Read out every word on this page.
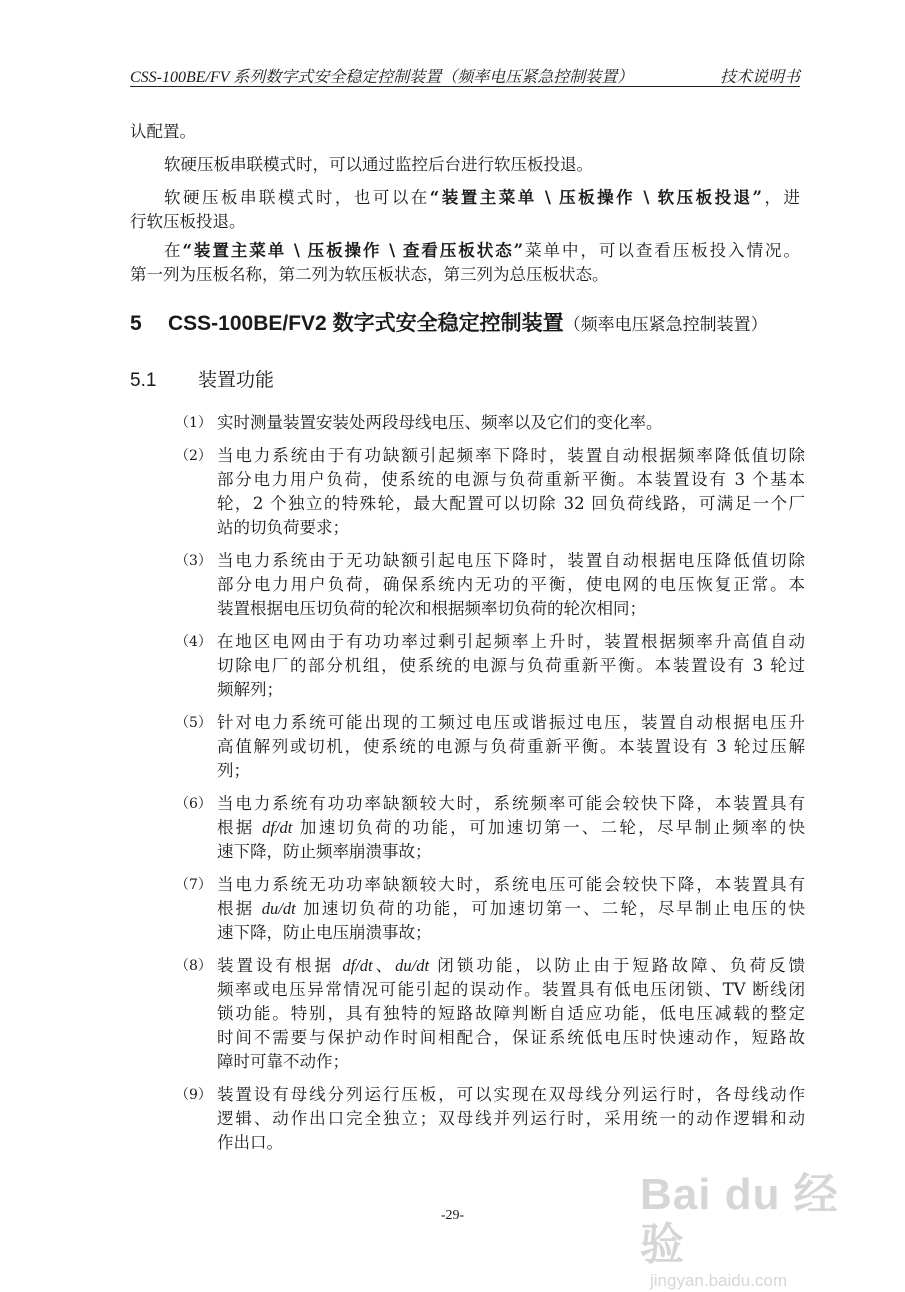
CSS-100BE/FV 系列数字式安全稳定控制装置（频率电压紧急控制装置）	技术说明书
认配置。
软硬压板串联模式时，可以通过监控后台进行软压板投退。
软硬压板串联模式时，也可以在“装置主菜单 \ 压板操作 \ 软压板投退”，进
行软压板投退。
在“装置主菜单 \ 压板操作 \ 查看压板状态”菜单中，可以查看压板投入情况。
第一列为压板名称，第二列为软压板状态，第三列为总压板状态。
5 CSS-100BE/FV2 数字式安全稳定控制装置（频率电压紧急控制装置）
5.1 装置功能
（1） 实时测量装置安装处两段母线电压、频率以及它们的变化率。
（2） 当电力系统由于有功缺额引起频率下降时，装置自动根据频率降低值切除
部分电力用户负荷，使系统的电源与负荷重新平衡。本装置设有 3 个基本
轮，2 个独立的特殊轮，最大配置可以切除 32 回负荷线路，可满足一个厂
站的切负荷要求；
（3） 当电力系统由于无功缺额引起电压下降时，装置自动根据电压降低值切除
部分电力用户负荷，确保系统内无功的平衡，使电网的电压恢复正常。本
装置根据电压切负荷的轮次和根据频率切负荷的轮次相同；
（4） 在地区电网由于有功功率过剩引起频率上升时，装置根据频率升高值自动
切除电厂的部分机组，使系统的电源与负荷重新平衡。本装置设有 3 轮过
频解列；
（5） 针对电力系统可能出现的工频过电压或谐振过电压，装置自动根据电压升
高值解列或切机，使系统的电源与负荷重新平衡。本装置设有 3 轮过压解
列；
（6） 当电力系统有功功率缺额较大时，系统频率可能会较快下降，本装置具有
根据 df/dt 加速切负荷的功能，可加速切第一、二轮，尽早制止频率的快
速下降，防止频率崩溃事故；
（7） 当电力系统无功功率缺额较大时，系统电压可能会较快下降，本装置具有
根据 du/dt 加速切负荷的功能，可加速切第一、二轮，尽早制止电压的快
速下降，防止电压崩溃事故；
（8） 装置设有根据 df/dt、du/dt 闭锁功能，以防止由于短路故障、负荷反馈
频率或电压异常情况可能引起的误动作。装置具有低电压闭锁、TV 断线闭
锁功能。特别，具有独特的短路故障判断自适应功能，低电压减载的整定
时间不需要与保护动作时间相配合，保证系统低电压时快速动作，短路故
障时可靠不动作；
（9） 装置设有母线分列运行压板，可以实现在双母线分列运行时，各母线动作
逻辑、动作出口完全独立；双母线并列运行时，采用统一的动作逻辑和动
作出口。
-29-	Bai du 经验
jingyan.baidu.com
